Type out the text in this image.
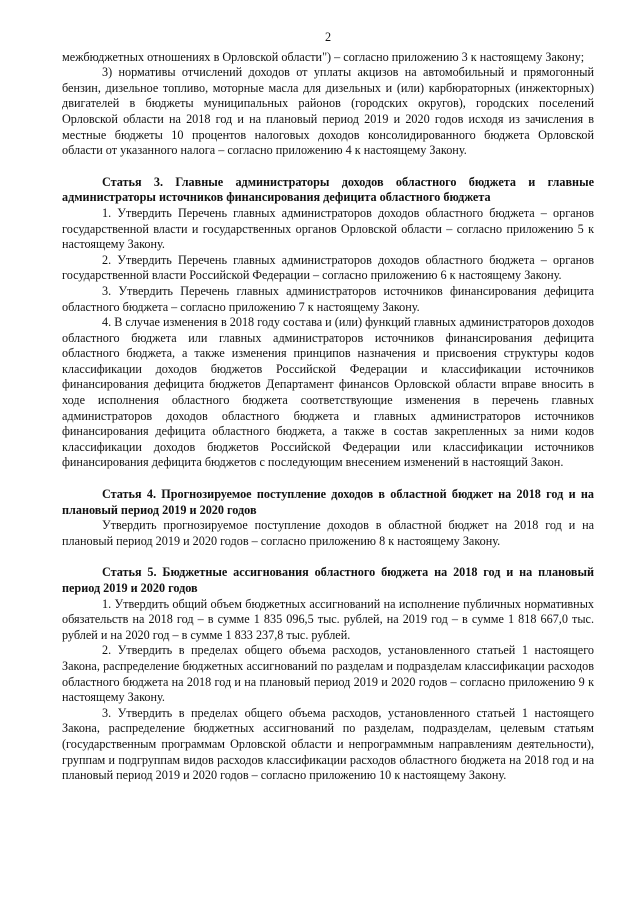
2

межбюджетных отношениях в Орловской области") – согласно приложению 3 к настоящему Закону;

3) нормативы отчислений доходов от уплаты акцизов на автомобильный и прямогонный бензин, дизельное топливо, моторные масла для дизельных и (или) карбюраторных (инжекторных) двигателей в бюджеты муниципальных районов (городских округов), городских поселений Орловской области на 2018 год и на плановый период 2019 и 2020 годов исходя из зачисления в местные бюджеты 10 процентов налоговых доходов консолидированного бюджета Орловской области от указанного налога – согласно приложению 4 к настоящему Закону.

Статья 3. Главные администраторы доходов областного бюджета и главные администраторы источников финансирования дефицита областного бюджета

1. Утвердить Перечень главных администраторов доходов областного бюджета – органов государственной власти и государственных органов Орловской области – согласно приложению 5 к настоящему Закону.

2. Утвердить Перечень главных администраторов доходов областного бюджета – органов государственной власти Российской Федерации – согласно приложению 6 к настоящему Закону.

3. Утвердить Перечень главных администраторов источников финансирования дефицита областного бюджета – согласно приложению 7 к настоящему Закону.

4. В случае изменения в 2018 году состава и (или) функций главных администраторов доходов областного бюджета или главных администраторов источников финансирования дефицита областного бюджета, а также изменения принципов назначения и присвоения структуры кодов классификации доходов бюджетов Российской Федерации и классификации источников финансирования дефицита бюджетов Департамент финансов Орловской области вправе вносить в ходе исполнения областного бюджета соответствующие изменения в перечень главных администраторов доходов областного бюджета и главных администраторов источников финансирования дефицита областного бюджета, а также в состав закрепленных за ними кодов классификации доходов бюджетов Российской Федерации или классификации источников финансирования дефицита бюджетов с последующим внесением изменений в настоящий Закон.

Статья 4. Прогнозируемое поступление доходов в областной бюджет на 2018 год и на плановый период 2019 и 2020 годов

Утвердить прогнозируемое поступление доходов в областной бюджет на 2018 год и на плановый период 2019 и 2020 годов – согласно приложению 8 к настоящему Закону.

Статья 5. Бюджетные ассигнования областного бюджета на 2018 год и на плановый период 2019 и 2020 годов

1. Утвердить общий объем бюджетных ассигнований на исполнение публичных нормативных обязательств на 2018 год – в сумме 1 835 096,5 тыс. рублей, на 2019 год – в сумме 1 818 667,0 тыс. рублей и на 2020 год – в сумме 1 833 237,8 тыс. рублей.

2. Утвердить в пределах общего объема расходов, установленного статьей 1 настоящего Закона, распределение бюджетных ассигнований по разделам и подразделам классификации расходов областного бюджета на 2018 год и на плановый период 2019 и 2020 годов – согласно приложению 9 к настоящему Закону.

3. Утвердить в пределах общего объема расходов, установленного статьей 1 настоящего Закона, распределение бюджетных ассигнований по разделам, подразделам, целевым статьям (государственным программам Орловской области и непрограммным направлениям деятельности), группам и подгруппам видов расходов классификации расходов областного бюджета на 2018 год и на плановый период 2019 и 2020 годов – согласно приложению 10 к настоящему Закону.
